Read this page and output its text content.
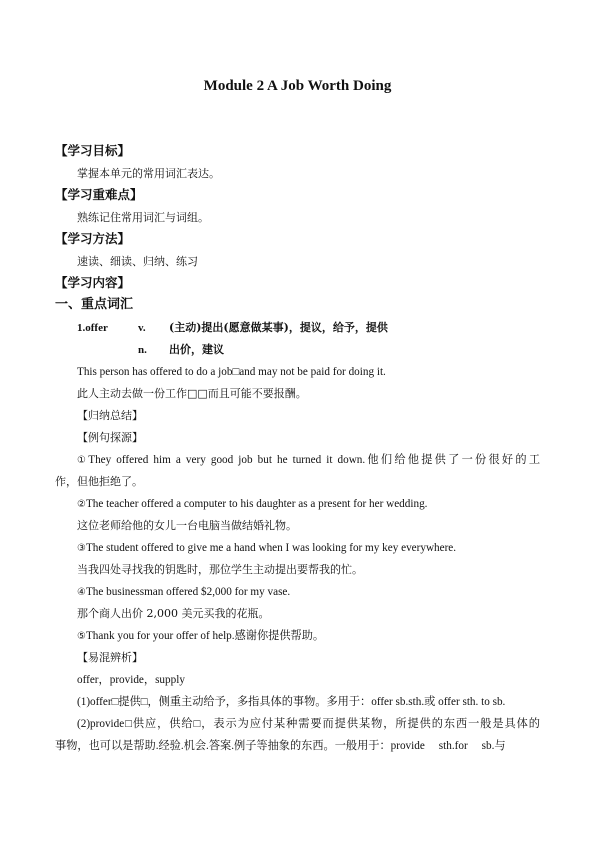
Module 2 A Job Worth Doing
【学习目标】
掌握本单元的常用词汇表达。
【学习重难点】
熟练记住常用词汇与词组。
【学习方法】
速读、细读、归纳、练习
【学习内容】
一、重点词汇
1.offer	v. (主动)提出(愿意做某事)，提议，给予，提供
n. 出价，建议
This person has offered to do a job□and may not be paid for doing it.
此人主动去做一份工作□□而且可能不要报酬。
【归纳总结】
【例句探源】
①They offered him a very good job but he turned it down.他们给他提供了一份很好的工
作，但他拒绝了。
②The teacher offered a computer to his daughter as a present for her wedding.
这位老师给他的女儿一台电脑当做结婚礼物。
③The student offered to give me a hand when I was looking for my key everywhere.
当我四处寻找我的钥匙时，那位学生主动提出要帮我的忙。
④The businessman offered $2,000 for my vase.
那个商人出价 2,000 美元买我的花瓶。
⑤Thank you for your offer of help.感谢你提供帮助。
【易混辨析】
offer，provide，supply
(1)offer□提供□，侧重主动给予，多指具体的事物。多用于：offer sb.sth.或 offer sth. to sb.
(2)provide□供应，供给□，表示为应付某种需要而提供某物，所提供的东西一般是具体的
事物，也可以是帮助.经验.机会.答案.例子等抽象的东西。一般用于：provide　 sth.for　 sb.与
